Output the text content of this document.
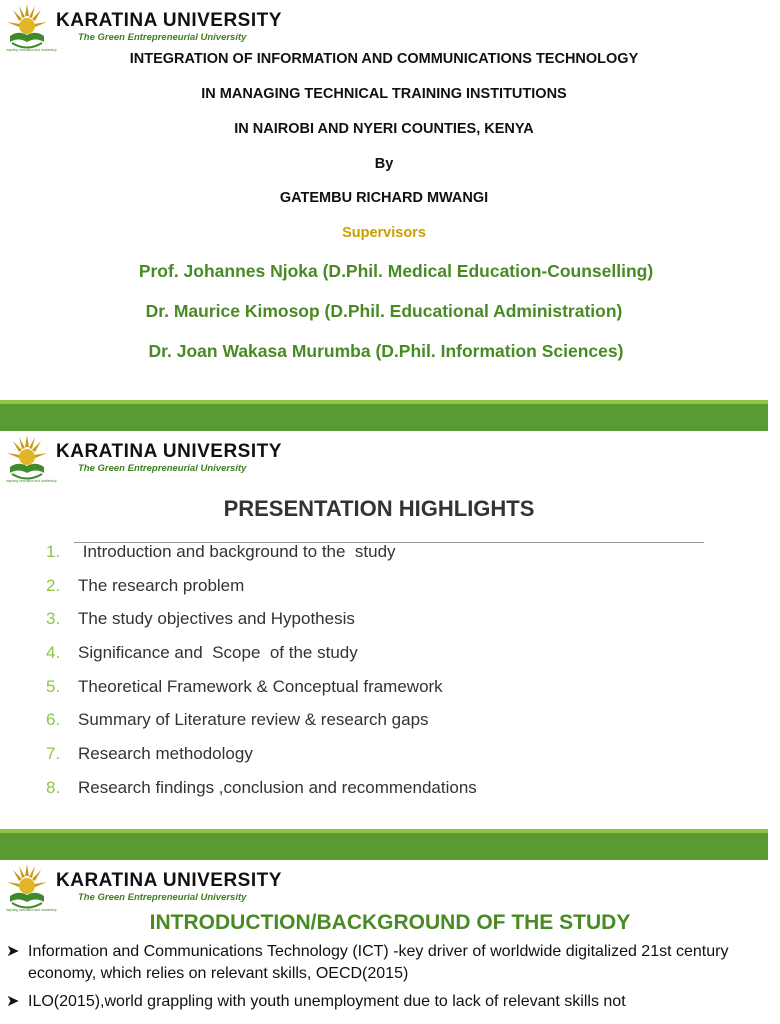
Inspiring Innovation and Leadership
KARATINA UNIVERSITY
The Green Entrepreneurial University
INTEGRATION OF INFORMATION AND COMMUNICATIONS TECHNOLOGY
IN MANAGING TECHNICAL TRAINING INSTITUTIONS
IN NAIROBI AND NYERI COUNTIES, KENYA
By
GATEMBU RICHARD MWANGI
Supervisors
Prof. Johannes Njoka (D.Phil. Medical Education-Counselling)
Dr. Maurice Kimosop (D.Phil. Educational Administration)
Dr. Joan Wakasa Murumba (D.Phil. Information Sciences)
Inspiring Innovation and Leadership
KARATINA UNIVERSITY
The Green Entrepreneurial University
PRESENTATION HIGHLIGHTS
1. Introduction and background to the  study
2. The research problem
3. The study objectives and Hypothesis
4. Significance and  Scope  of the study
5. Theoretical Framework & Conceptual framework
6. Summary of Literature review & research gaps
7. Research methodology
8. Research findings ,conclusion and recommendations
Inspiring Innovation and Leadership
KARATINA UNIVERSITY
The Green Entrepreneurial University
INTRODUCTION/BACKGROUND OF THE STUDY
➤ Information and Communications Technology (ICT) -key driver of worldwide digitalized 21st century economy, which relies on relevant skills, OECD(2015)
➤ ILO(2015),world grappling with youth unemployment due to lack of relevant skills not
